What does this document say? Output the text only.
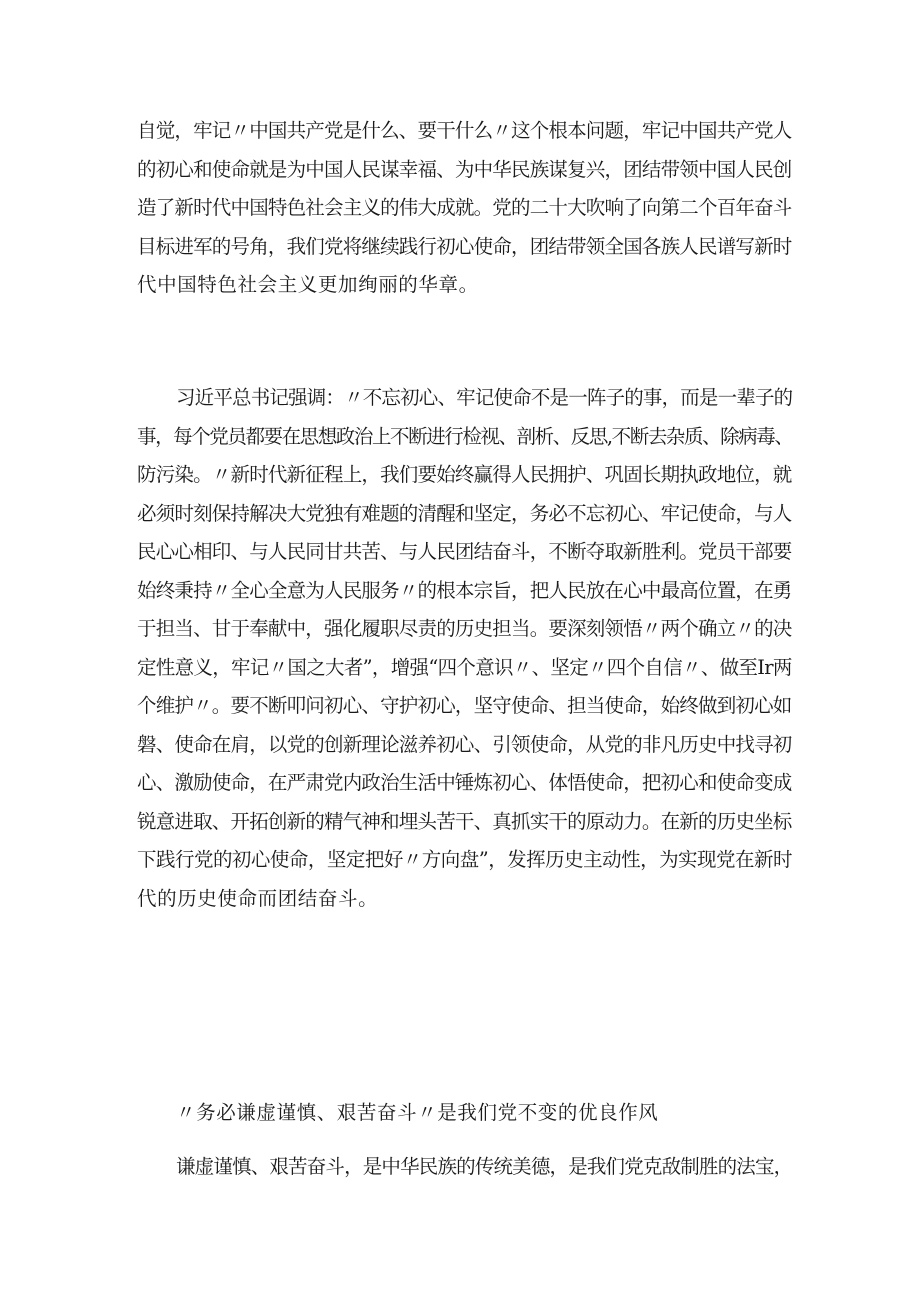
自觉，牢记〃中国共产党是什么、要干什么〃这个根本问题，牢记中国共产党人
的初心和使命就是为中国人民谋幸福、为中华民族谋复兴，团结带领中国人民创
造了新时代中国特色社会主义的伟大成就。党的二十大吹响了向第二个百年奋斗
目标进军的号角，我们党将继续践行初心使命，团结带领全国各族人民谱写新时
代中国特色社会主义更加绚丽的华章。
习近平总书记强调：〃不忘初心、牢记使命不是一阵子的事，而是一辈子的
事，每个党员都要在思想政治上不断进行检视、剖析、反思,不断去杂质、除病毒、
防污染。〃新时代新征程上，我们要始终赢得人民拥护、巩固长期执政地位，就
必须时刻保持解决大党独有难题的清醒和坚定，务必不忘初心、牢记使命，与人
民心心相印、与人民同甘共苦、与人民团结奋斗，不断夺取新胜利。党员干部要
始终秉持〃全心全意为人民服务〃的根本宗旨，把人民放在心中最高位置，在勇
于担当、甘于奉献中，强化履职尽责的历史担当。要深刻领悟〃两个确立〃的决
定性意义，牢记〃国之大者”，增强“四个意识〃、坚定〃四个自信〃、做至Ir两
个维护〃。要不断叩问初心、守护初心，坚守使命、担当使命，始终做到初心如
磐、使命在肩，以党的创新理论滋养初心、引领使命，从党的非凡历史中找寻初
心、激励使命，在严肃党内政治生活中锤炼初心、体悟使命，把初心和使命变成
锐意进取、开拓创新的精气神和埋头苦干、真抓实干的原动力。在新的历史坐标
下践行党的初心使命，坚定把好〃方向盘”，发挥历史主动性，为实现党在新时
代的历史使命而团结奋斗。
〃务必谦虚谨慎、艰苦奋斗〃是我们党不变的优良作风
谦虚谨慎、艰苦奋斗，是中华民族的传统美德，是我们党克敌制胜的法宝，
